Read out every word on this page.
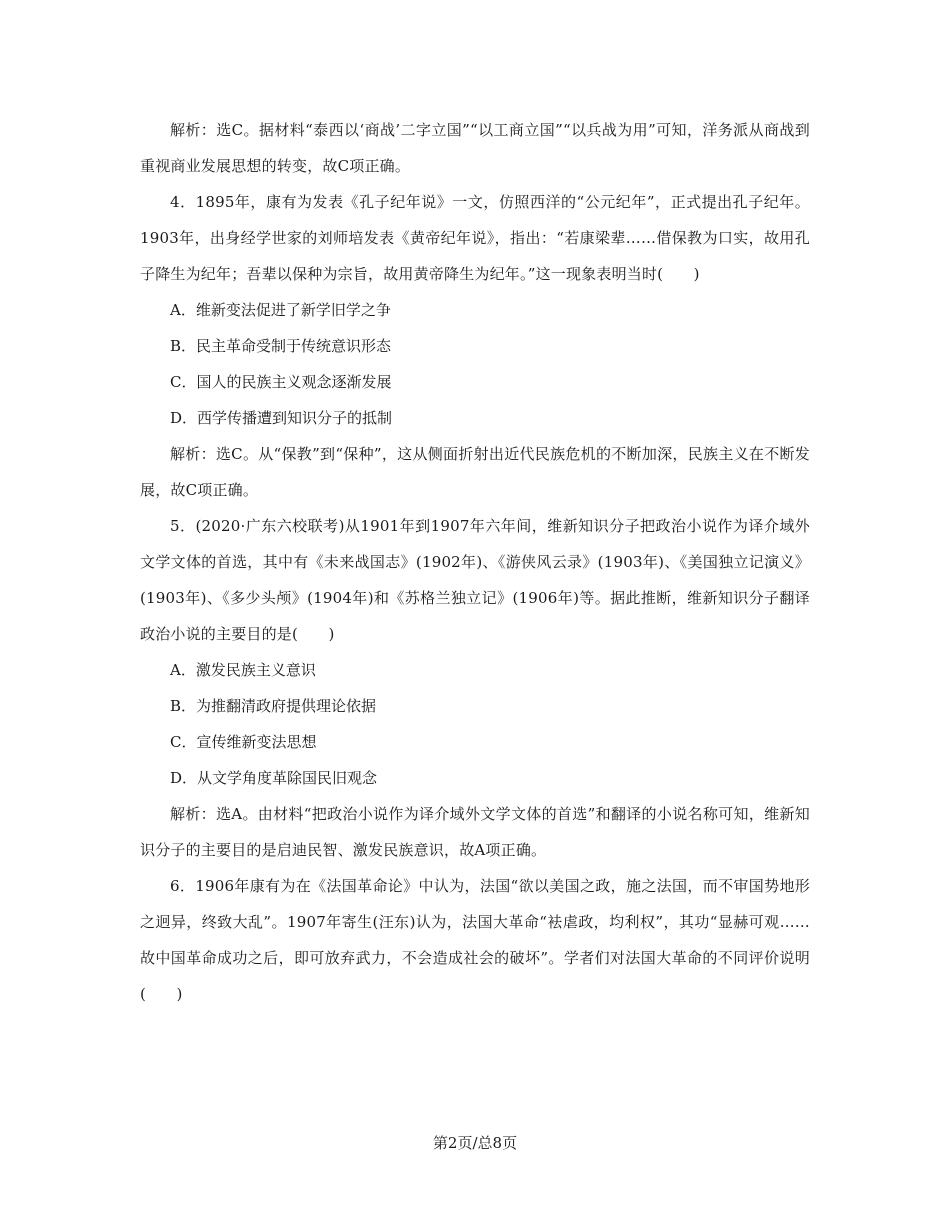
解析：选C。据材料“泰西以‘商战’二字立国”“以工商立国”“以兵战为用”可知，洋务派从商战到重视商业发展思想的转变，故C项正确。

4．1895年，康有为发表《孔子纪年说》一文，仿照西洋的“公元纪年”，正式提出孔子纪年。1903年，出身经学世家的刘师培发表《黄帝纪年说》，指出：“若康梁辈……借保教为口实，故用孔子降生为纪年；吾辈以保种为宗旨，故用黄帝降生为纪年。”这一现象表明当时(　　)

A．维新变法促进了新学旧学之争

B．民主革命受制于传统意识形态

C．国人的民族主义观念逐渐发展

D．西学传播遭到知识分子的抵制

解析：选C。从“保教”到“保种”，这从侧面折射出近代民族危机的不断加深，民族主义在不断发展，故C项正确。

5．(2020·广东六校联考)从1901年到1907年六年间，维新知识分子把政治小说作为译介域外文学文体的首选，其中有《未来战国志》(1902年)、《游侠风云录》(1903年)、《美国独立记演义》(1903年)、《多少头颅》(1904年)和《苏格兰独立记》(1906年)等。据此推断，维新知识分子翻译政治小说的主要目的是(　　)

A．激发民族主义意识

B．为推翻清政府提供理论依据

C．宣传维新变法思想

D．从文学角度革除国民旧观念

解析：选A。由材料“把政治小说作为译介域外文学文体的首选”和翻译的小说名称可知，维新知识分子的主要目的是启迪民智、激发民族意识，故A项正确。

6．1906年康有为在《法国革命论》中认为，法国“欲以美国之政，施之法国，而不审国势地形之迥异，终致大乱”。1907年寄生(汪东)认为，法国大革命“袪虐政，均利权”，其功“显赫可观……故中国革命成功之后，即可放弃武力，不会造成社会的破坏”。学者们对法国大革命的不同评价说明(　　)

第2页/总8页
